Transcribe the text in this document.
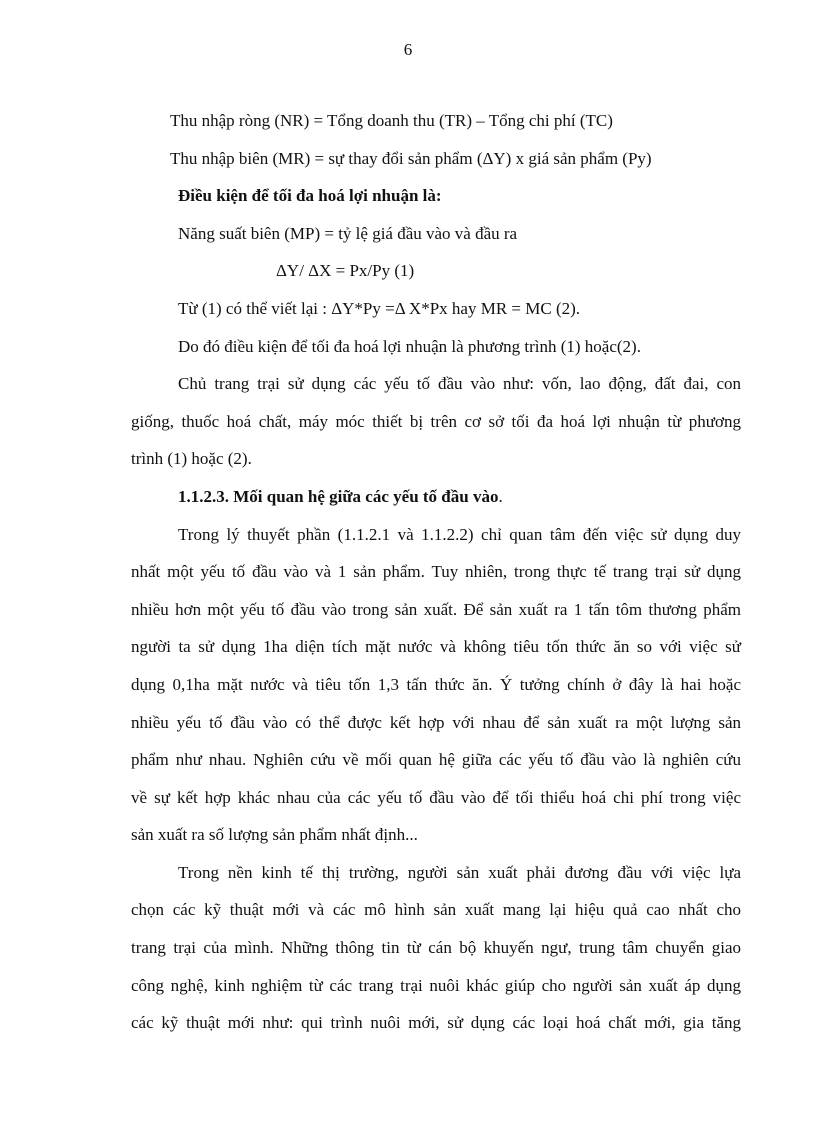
6
Thu nhập ròng (NR) = Tổng doanh thu (TR) – Tổng chi phí (TC)
Thu nhập biên (MR) = sự thay đổi sản phẩm (ΔY) x giá sản phẩm (Py)
Điều kiện để tối đa hoá lợi nhuận là:
Năng suất biên (MP) = tỷ lệ giá đầu vào và đầu ra
ΔY/ ΔX = Px/Py (1)
Từ (1) có thể viết lại : ΔY*Py =Δ X*Px hay MR = MC (2).
Do đó điều kiện để tối đa hoá lợi nhuận là phương trình (1) hoặc(2).
Chủ trang trại sử dụng các yếu tố đầu vào như: vốn, lao động, đất đai, con
giống, thuốc hoá chất, máy móc thiết bị trên cơ sở tối đa hoá lợi nhuận từ phương
trình (1) hoặc (2).
1.1.2.3. Mối quan hệ giữa các yếu tố đầu vào.
Trong lý thuyết phần (1.1.2.1 và 1.1.2.2) chỉ quan tâm đến việc sử dụng duy
nhất một yếu tố đầu vào và 1 sản phẩm. Tuy nhiên, trong thực tế trang trại sử dụng
nhiều hơn một yếu tố đầu vào trong sản xuất. Để sản xuất ra 1 tấn tôm thương phẩm
người ta sử dụng 1ha diện tích mặt nước và không tiêu tốn thức ăn so với việc sử
dụng 0,1ha mặt nước và tiêu tốn 1,3 tấn thức ăn. Ý tưởng chính ở đây là hai hoặc
nhiều yếu tố đầu vào có thể được kết hợp với nhau để sản xuất ra một lượng sản
phẩm như nhau. Nghiên cứu về mối quan hệ giữa các yếu tố đầu vào là nghiên cứu
về sự kết hợp khác nhau của các yếu tố đầu vào để tối thiểu hoá chi phí trong việc
sản xuất ra số lượng sản phẩm nhất định...
Trong nền kinh tế thị trường, người sản xuất phải đương đầu với việc lựa
chọn các kỹ thuật mới và các mô hình sản xuất mang lại hiệu quả cao nhất cho
trang trại của mình. Những thông tin từ cán bộ khuyến ngư, trung tâm chuyển giao
công nghệ, kinh nghiệm từ các trang trại nuôi khác giúp cho người sản xuất áp dụng
các kỹ thuật mới như: qui trình nuôi mới, sử dụng các loại hoá chất mới, gia tăng
